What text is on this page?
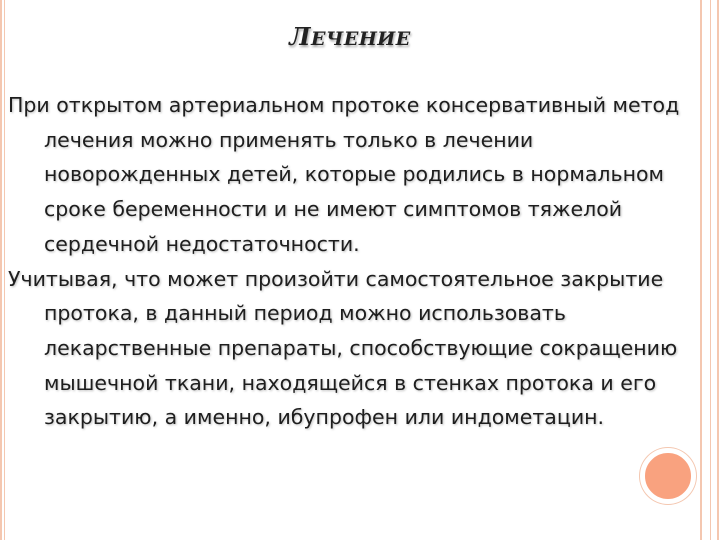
ЛЕЧЕНИЕ

При открытом артериальном протоке консервативный метод лечения можно применять только в лечении новорожденных детей, которые родились в нормальном сроке беременности и не имеют симптомов тяжелой сердечной недостаточности.

Учитывая, что может произойти самостоятельное закрытие протока, в данный период можно использовать лекарственные препараты, способствующие сокращению мышечной ткани, находящейся в стенках протока и его закрытию, а именно, ибупрофен или индометацин.
